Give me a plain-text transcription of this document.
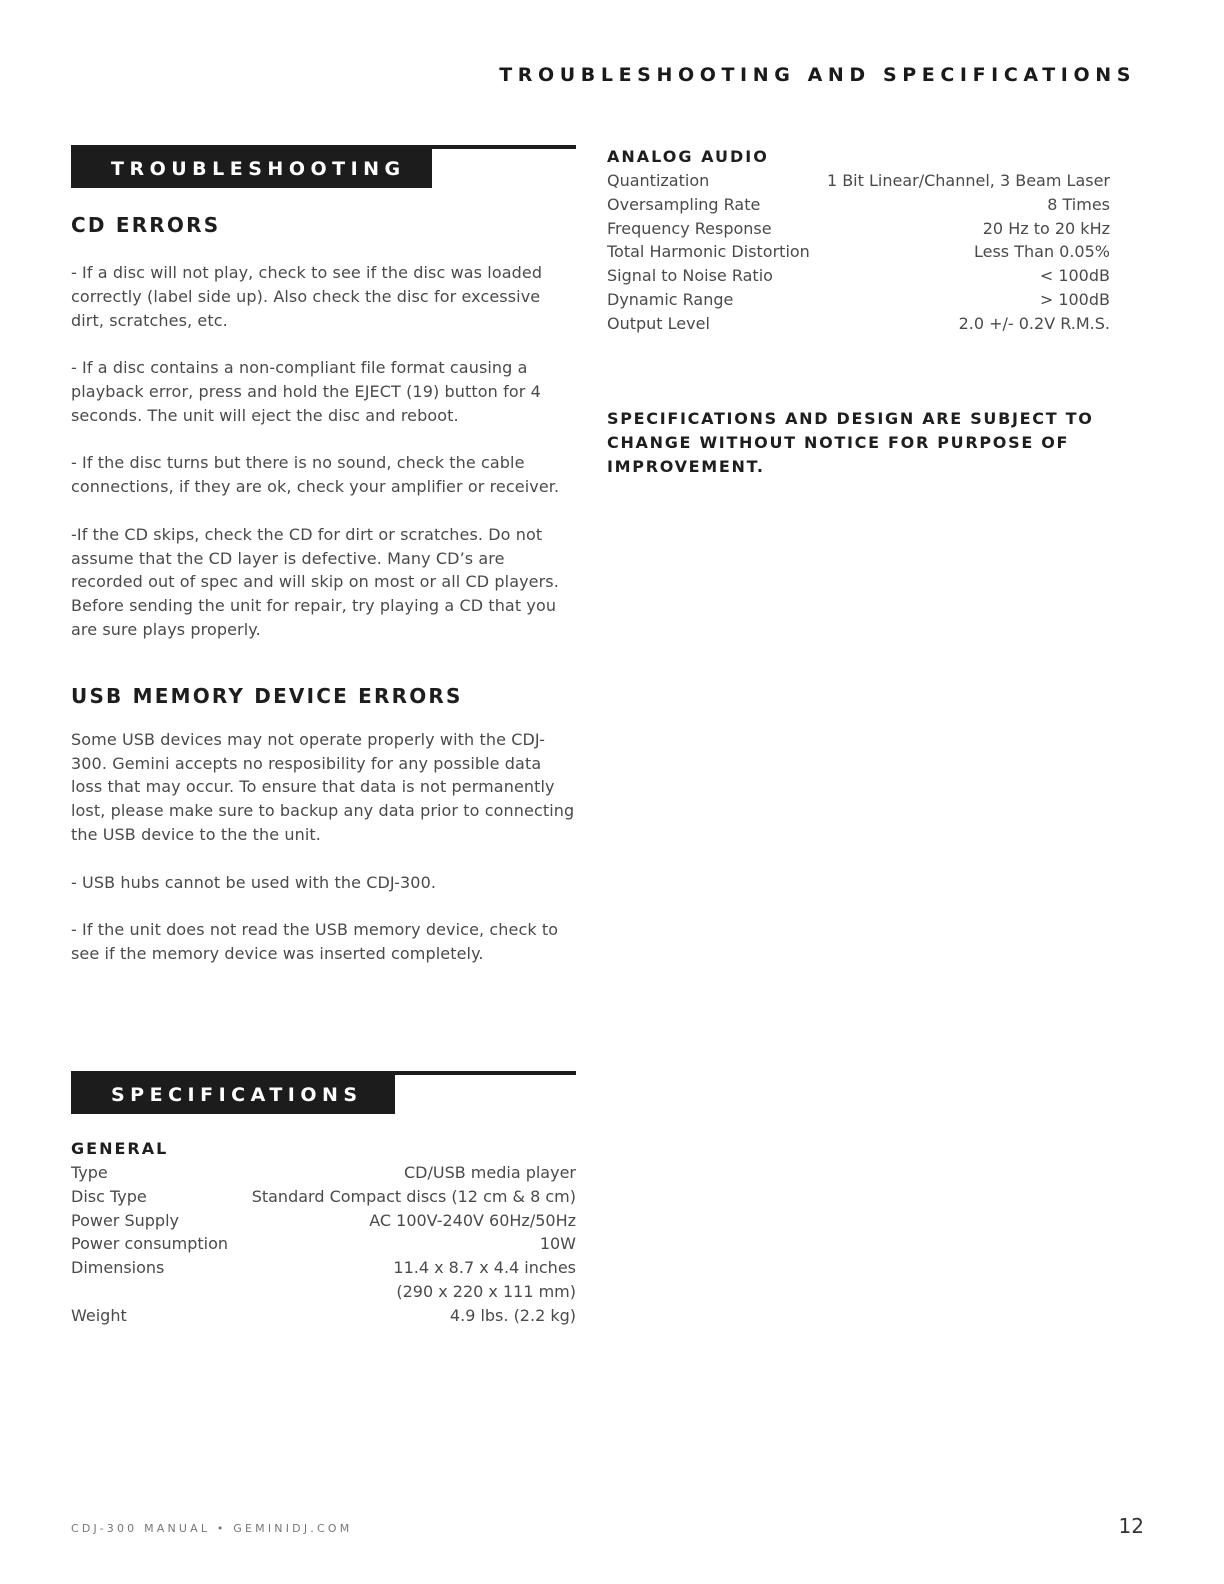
TROUBLESHOOTING AND SPECIFICATIONS
TROUBLESHOOTING
CD ERRORS

- If a disc will not play, check to see if the disc was loaded correctly (label side up). Also check the disc for excessive dirt, scratches, etc.

- If a disc contains a non-compliant file format causing a playback error, press and hold the EJECT (19) button for 4 seconds. The unit will eject the disc and reboot.

- If the disc turns but there is no sound, check the cable connections, if they are ok, check your amplifier or receiver.

-If the CD skips, check the CD for dirt or scratches. Do not assume that the CD layer is defective. Many CD’s are recorded out of spec and will skip on most or all CD players. Before sending the unit for repair, try playing a CD that you are sure plays properly.

USB MEMORY DEVICE ERRORS

Some USB devices may not operate properly with the CDJ-300. Gemini accepts no resposibility for any possible data loss that may occur. To ensure that data is not permanently lost, please make sure to backup any data prior to connecting the USB device to the the unit.

- USB hubs cannot be used with the CDJ-300.

- If the unit does not read the USB memory device, check to see if the memory device was inserted completely.

SPECIFICATIONS
GENERAL
Type	CD/USB media player
Disc Type	Standard Compact discs (12 cm & 8 cm)
Power Supply	AC 100V-240V 60Hz/50Hz
Power consumption	10W
Dimensions	11.4 x 8.7 x 4.4 inches
(290 x 220 x 111 mm)
Weight	4.9 lbs. (2.2 kg)
ANALOG AUDIO
Quantization	1 Bit Linear/Channel, 3 Beam Laser
Oversampling Rate	8 Times
Frequency Response	20 Hz to 20 kHz
Total Harmonic Distortion	Less Than 0.05%
Signal to Noise Ratio	< 100dB
Dynamic Range	> 100dB
Output Level	2.0 +/- 0.2V R.M.S.

SPECIFICATIONS AND DESIGN ARE SUBJECT TO CHANGE WITHOUT NOTICE FOR PURPOSE OF IMPROVEMENT.

CDJ-300 MANUAL • GEMINIDJ.COM	12
